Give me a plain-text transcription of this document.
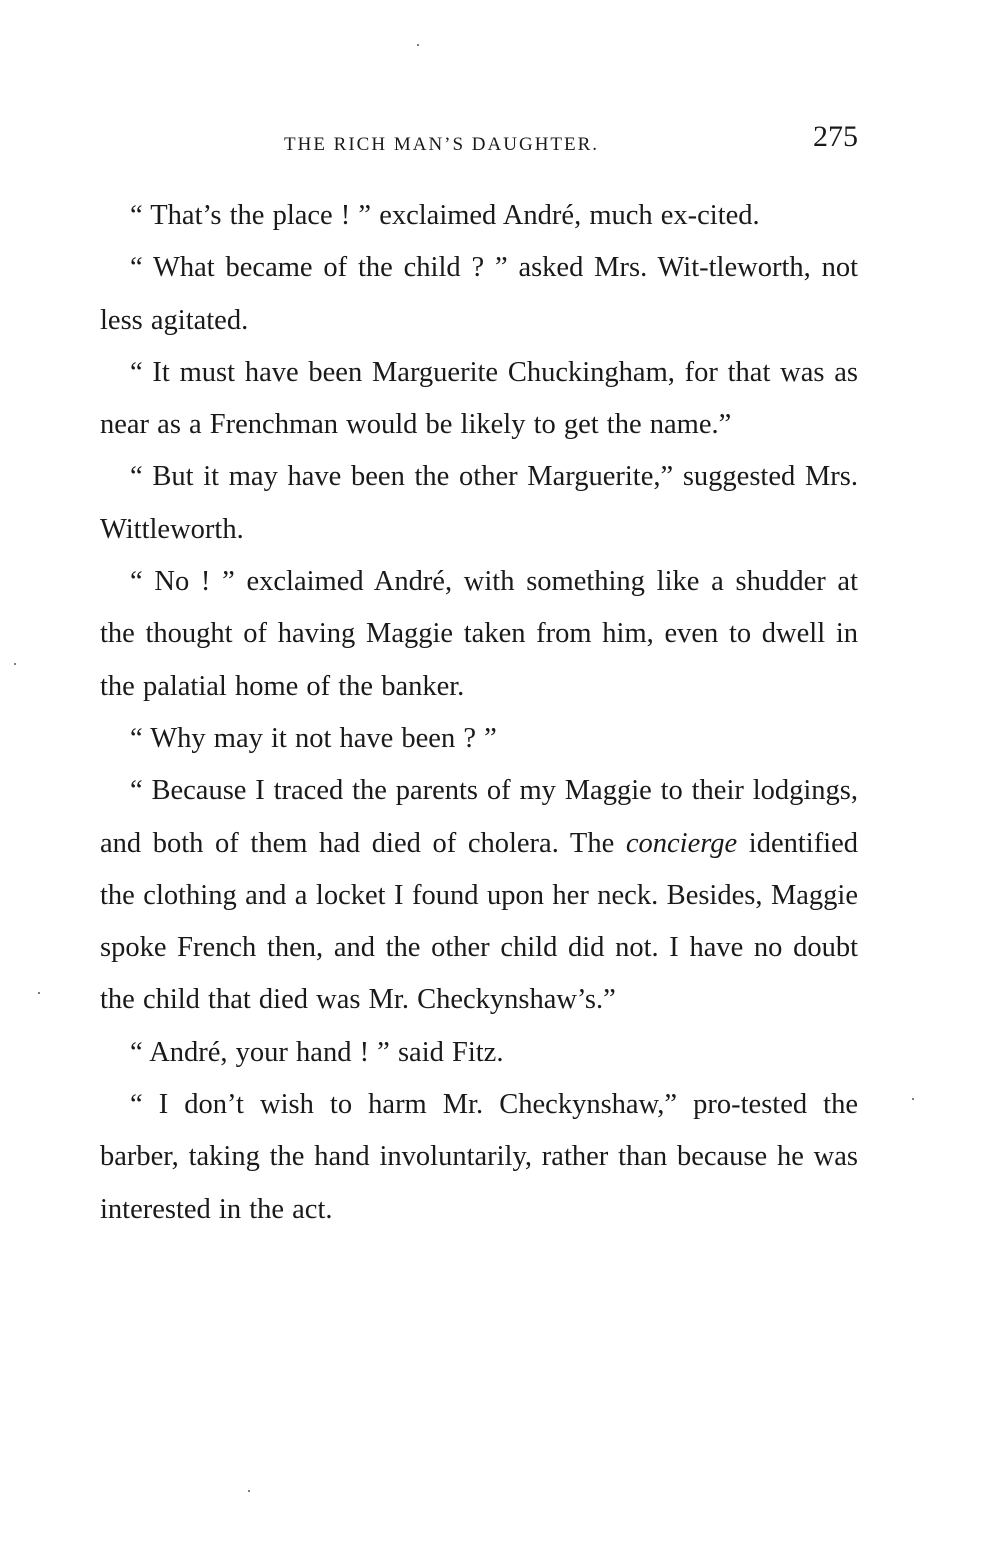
THE RICH MAN’S DAUGHTER.	275

“ That’s the place ! ” exclaimed André, much ex-cited.

“ What became of the child ? ” asked Mrs. Wit-tleworth, not less agitated.

“ It must have been Marguerite Chuckingham, for that was as near as a Frenchman would be likely to get the name.”

“ But it may have been the other Marguerite,” suggested Mrs. Wittleworth.

“ No ! ” exclaimed André, with something like a shudder at the thought of having Maggie taken from him, even to dwell in the palatial home of the banker.

“ Why may it not have been ? ”

“ Because I traced the parents of my Maggie to their lodgings, and both of them had died of cholera. The concierge identified the clothing and a locket I found upon her neck. Besides, Maggie spoke French then, and the other child did not. I have no doubt the child that died was Mr. Checkynshaw’s.”

“ André, your hand ! ” said Fitz.

“ I don’t wish to harm Mr. Checkynshaw,” pro-tested the barber, taking the hand involuntarily, rather than because he was interested in the act.
